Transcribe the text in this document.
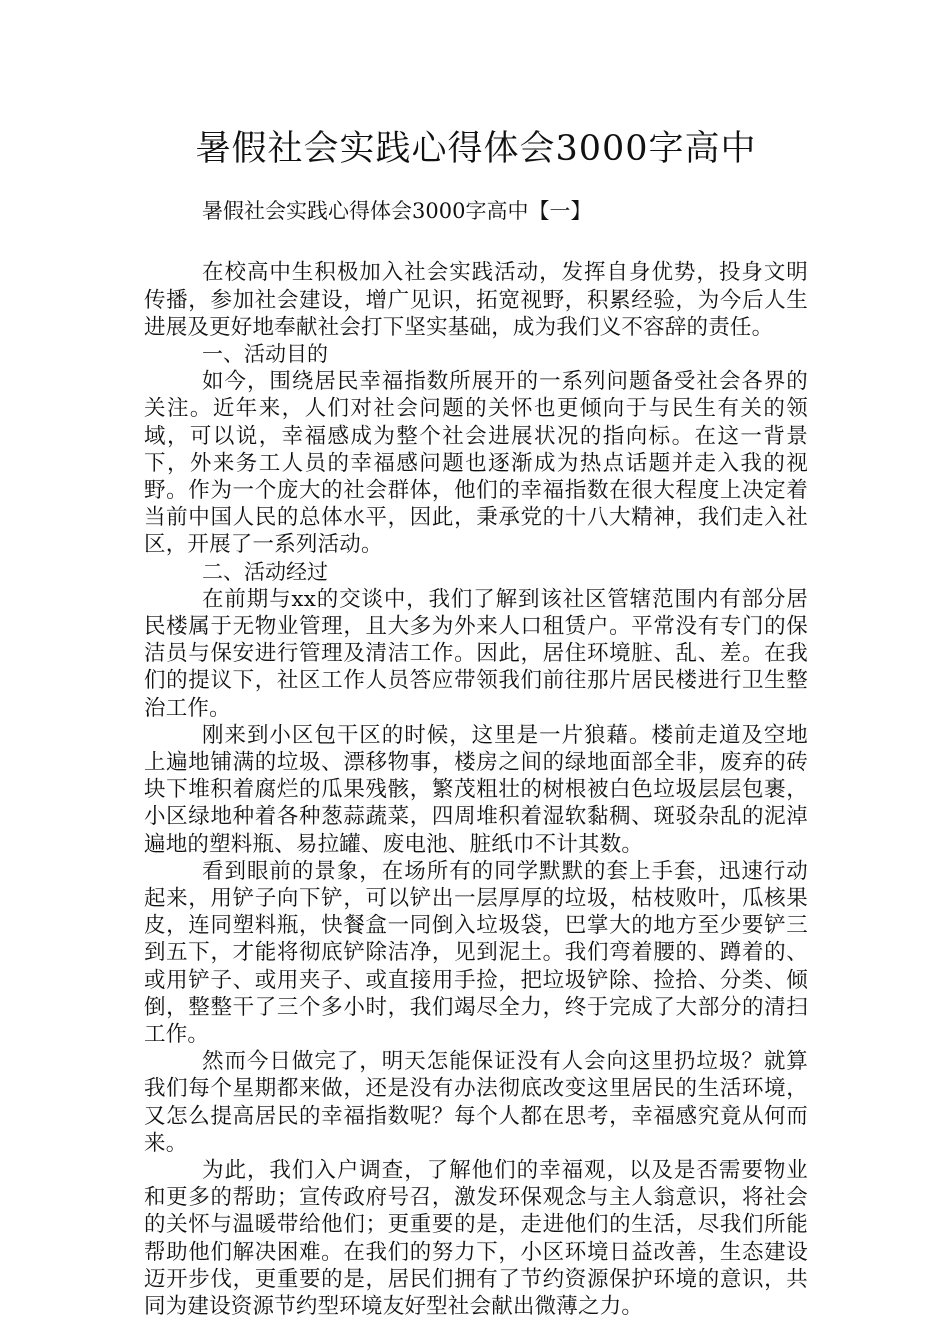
暑假社会实践心得体会3000字高中
暑假社会实践心得体会3000字高中【一】

在校高中生积极加入社会实践活动，发挥自身优势，投身文明传播，参加社会建设，增广见识，拓宽视野，积累经验，为今后人生进展及更好地奉献社会打下坚实基础，成为我们义不容辞的责任。

一、活动目的

如今，围绕居民幸福指数所展开的一系列问题备受社会各界的关注。近年来，人们对社会问题的关怀也更倾向于与民生有关的领域，可以说，幸福感成为整个社会进展状况的指向标。在这一背景下，外来务工人员的幸福感问题也逐渐成为热点话题并走入我的视野。作为一个庞大的社会群体，他们的幸福指数在很大程度上决定着当前中国人民的总体水平，因此，秉承党的十八大精神，我们走入社区，开展了一系列活动。

二、活动经过

在前期与xx的交谈中，我们了解到该社区管辖范围内有部分居民楼属于无物业管理，且大多为外来人口租赁户。平常没有专门的保洁员与保安进行管理及清洁工作。因此，居住环境脏、乱、差。在我们的提议下，社区工作人员答应带领我们前往那片居民楼进行卫生整治工作。

刚来到小区包干区的时候，这里是一片狼藉。楼前走道及空地上遍地铺满的垃圾、漂移物事，楼房之间的绿地面部全非，废弃的砖块下堆积着腐烂的瓜果残骸，繁茂粗壮的树根被白色垃圾层层包裹，小区绿地种着各种葱蒜蔬菜，四周堆积着湿软黏稠、斑驳杂乱的泥淖遍地的塑料瓶、易拉罐、废电池、脏纸巾不计其数。

看到眼前的景象，在场所有的同学默默的套上手套，迅速行动起来，用铲子向下铲，可以铲出一层厚厚的垃圾，枯枝败叶，瓜核果皮，连同塑料瓶，快餐盒一同倒入垃圾袋，巴掌大的地方至少要铲三到五下，才能将彻底铲除洁净，见到泥土。我们弯着腰的、蹲着的、或用铲子、或用夹子、或直接用手捡，把垃圾铲除、捡拾、分类、倾倒，整整干了三个多小时，我们竭尽全力，终于完成了大部分的清扫工作。

然而今日做完了，明天怎能保证没有人会向这里扔垃圾？就算我们每个星期都来做，还是没有办法彻底改变这里居民的生活环境，又怎么提高居民的幸福指数呢？每个人都在思考，幸福感究竟从何而来。

为此，我们入户调查，了解他们的幸福观，以及是否需要物业和更多的帮助；宣传政府号召，激发环保观念与主人翁意识，将社会的关怀与温暖带给他们；更重要的是，走进他们的生活，尽我们所能帮助他们解决困难。在我们的努力下，小区环境日益改善，生态建设迈开步伐，更重要的是，居民们拥有了节约资源保护环境的意识，共同为建设资源节约型环境友好型社会献出微薄之力。
